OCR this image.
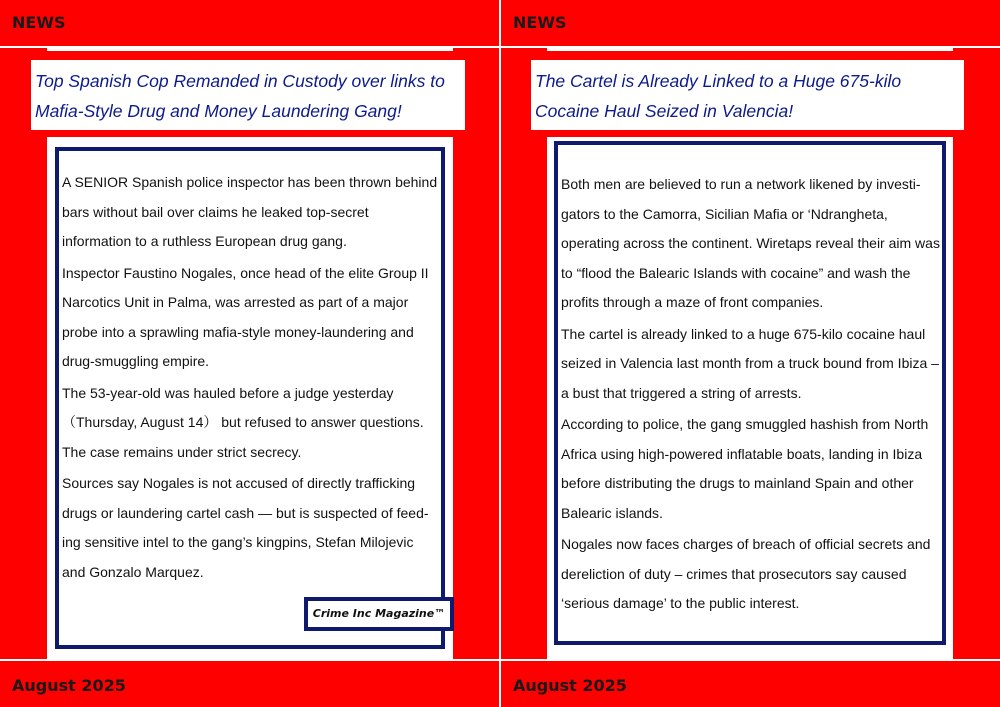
NEWS
Top Spanish Cop Remanded in Custody over links to Mafia-Style Drug and Money Laundering Gang!

A SENIOR Spanish police inspector has been thrown behind bars without bail over claims he leaked top-secret information to a ruthless European drug gang.

Inspector Faustino Nogales, once head of the elite Group II Narcotics Unit in Palma, was arrested as part of a major probe into a sprawling mafia-style money-laundering and drug-smuggling empire.

The 53-year-old was hauled before a judge yesterday （Thursday, August 14） but refused to answer questions. The case remains under strict secrecy.

Sources say Nogales is not accused of directly trafficking drugs or laundering cartel cash — but is suspected of feed-ing sensitive intel to the gang’s kingpins, Stefan Milojevic and Gonzalo Marquez.

Crime Inc Magazine™
August 2025
NEWS
The Cartel is Already Linked to a Huge 675-kilo Cocaine Haul Seized in Valencia!

Both men are believed to run a network likened by investi-gators to the Camorra, Sicilian Mafia or ‘Ndrangheta, operating across the continent. Wiretaps reveal their aim was to “flood the Balearic Islands with cocaine” and wash the profits through a maze of front companies.

The cartel is already linked to a huge 675-kilo cocaine haul seized in Valencia last month from a truck bound from Ibiza – a bust that triggered a string of arrests.

According to police, the gang smuggled hashish from North Africa using high-powered inflatable boats, landing in Ibiza before distributing the drugs to mainland Spain and other Balearic islands.

Nogales now faces charges of breach of official secrets and dereliction of duty – crimes that prosecutors say caused ‘serious damage’ to the public interest.

August 2025
